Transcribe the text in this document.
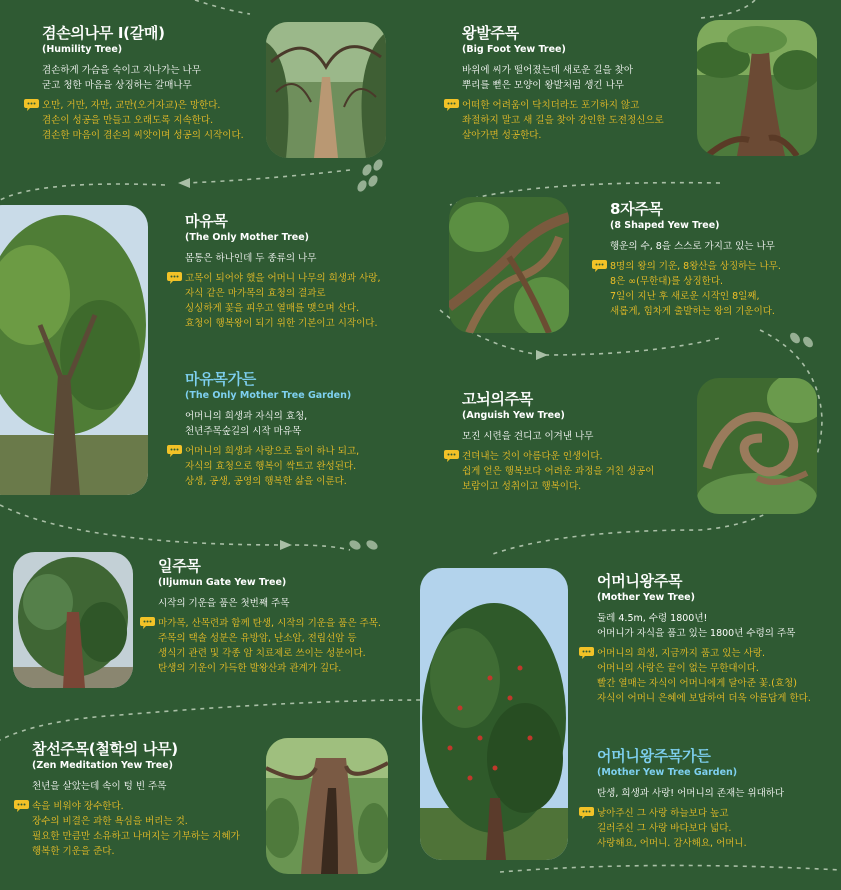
겸손의나무 I(갈매)
(Humility Tree)
겸손하게 가슴을 숙이고 지나가는 나무
굳고 청한 마음을 상징하는 갈매나무
오만, 거만, 자만, 교만(오거자교)은 망한다.
겸손이 성공을 만들고 오래도록 지속한다.
겸손한 마음이 겸손의 씨앗이며 성공의 시작이다.
왕발주목
(Big Foot Yew Tree)
바위에 씨가 떨어졌는데 새로운 길을 찾아
뿌리를 뻗은 모양이 왕발처럼 생긴 나무
어떠한 어려움이 닥치더라도 포기하지 않고
좌절하지 말고 새 길을 찾아 강인한 도전정신으로
살아가면 성공한다.
마유목
(The Only Mother Tree)
몸통은 하나인데 두 종류의 나무
고목이 되어야 했을 어머니 나무의 희생과 사랑,
자식 같은 마가목의 효청의 결과로
싱싱하게 꽃을 피우고 열매를 맺으며 산다.
효청이 행복왕이 되기 위한 기본이고 시작이다.
8자주목
(8 Shaped Yew Tree)
행운의 수, 8을 스스로 가지고 있는 나무
8명의 왕의 기운, 8왕산을 상징하는 나무.
8은 ∞(무한대)를 상징한다.
7일이 지난 후 새로운 시작인 8일째,
새롭게, 힘차게 출발하는 왕의 기운이다.
마유목가든
(The Only Mother Tree Garden)
어머니의 희생과 자식의 효청,
천년주목숲길의 시작 마유목
어머니의 희생과 사랑으로 둘이 하나 되고,
자식의 효청으로 행복이 싹트고 완성된다.
상생, 공생, 공영의 행복한 삶을 이룬다.
고뇌의주목
(Anguish Yew Tree)
모진 시련을 견디고 이겨낸 나무
견뎌내는 것이 아름다운 인생이다.
쉽게 얻은 행복보다 어려운 과정을 거친 성공이
보람이고 성취이고 행복이다.
일주목
(Iljumun Gate Yew Tree)
시작의 기운을 품은 첫번째 주목
마가목, 산목련과 함께 탄생, 시작의 기운을 품은 주목.
주목의 택솔 성분은 유방암, 난소암, 전립선암 등
생식기 관련 및 각종 암 치료제로 쓰이는 성분이다.
탄생의 기운이 가득한 발왕산과 관계가 깊다.
어머니왕주목
(Mother Yew Tree)
둘레 4.5m, 수령 1800년!
어머니가 자식을 품고 있는 1800년 수령의 주목
어머니의 희생, 지금까지 품고 있는 사랑.
어머니의 사랑은 끝이 없는 무한대이다.
빨간 열매는 자식이 어머니에게 달아준 꽃.(효청)
자식이 어머니 은혜에 보답하여 더욱 아름답게 한다.
참선주목(철학의 나무)
(Zen Meditation Yew Tree)
천년을 살았는데 속이 텅 빈 주목
속을 비워야 장수한다.
장수의 비결은 과한 욕심을 버리는 것.
필요한 만큼만 소유하고 나머지는 기부하는 지혜가
행복한 기운을 준다.
어머니왕주목가든
(Mother Yew Tree Garden)
탄생, 희생과 사랑! 어머니의 존재는 위대하다
낳아주신 그 사랑 하늘보다 높고
길러주신 그 사랑 바다보다 넓다.
사랑해요, 어머니. 감사해요, 어머니.
